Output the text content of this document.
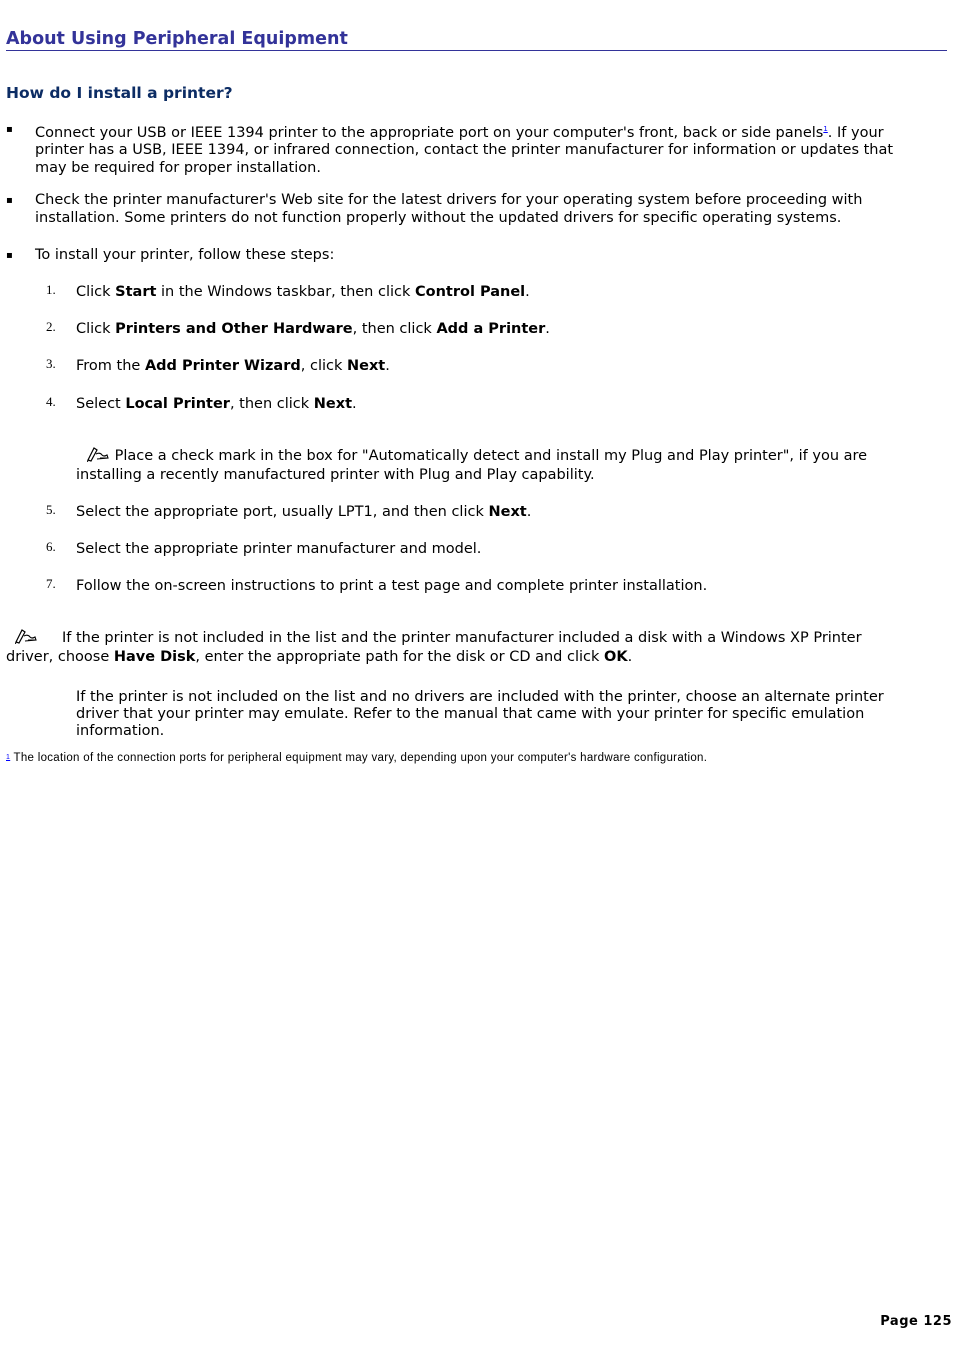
About Using Peripheral Equipment
How do I install a printer?
▪ Connect your USB or IEEE 1394 printer to the appropriate port on your computer's front, back or side panels$^1$. If your printer has a USB, IEEE 1394, or infrared connection, contact the printer manufacturer for information or updates that may be required for proper installation.
▪ Check the printer manufacturer's Web site for the latest drivers for your operating system before proceeding with installation. Some printers do not function properly without the updated drivers for specific operating systems.
▪ To install your printer, follow these steps:
1. Click Start in the Windows taskbar, then click Control Panel.
2. Click Printers and Other Hardware, then click Add a Printer.
3. From the Add Printer Wizard, click Next.
4. Select Local Printer, then click Next.
Place a check mark in the box for "Automatically detect and install my Plug and Play printer", if you are installing a recently manufactured printer with Plug and Play capability.
5. Select the appropriate port, usually LPT1, and then click Next.
6. Select the appropriate printer manufacturer and model.
7. Follow the on-screen instructions to print a test page and complete printer installation.
If the printer is not included in the list and the printer manufacturer included a disk with a Windows XP Printer driver, choose Have Disk, enter the appropriate path for the disk or CD and click OK.
If the printer is not included on the list and no drivers are included with the printer, choose an alternate printer driver that your printer may emulate. Refer to the manual that came with your printer for specific emulation information.
1 The location of the connection ports for peripheral equipment may vary, depending upon your computer's hardware configuration.
Page 125
